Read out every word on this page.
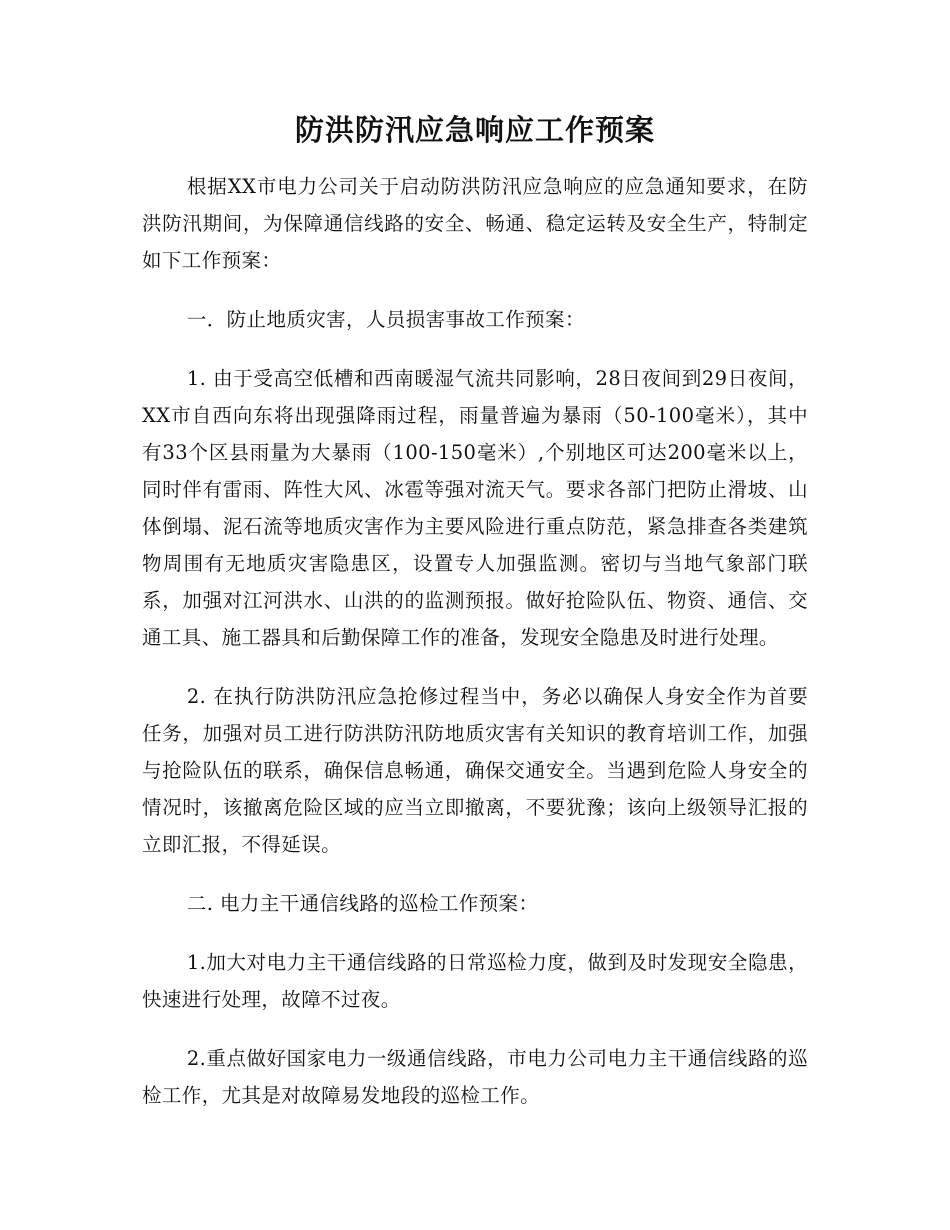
防洪防汛应急响应工作预案

根据XX市电力公司关于启动防洪防汛应急响应的应急通知要求，在防洪防汛期间，为保障通信线路的安全、畅通、稳定运转及安全生产，特制定如下工作预案：

一．防止地质灾害，人员损害事故工作预案：

1. 由于受高空低槽和西南暖湿气流共同影响，28日夜间到29日夜间，XX市自西向东将出现强降雨过程，雨量普遍为暴雨（50-100毫米），其中有33个区县雨量为大暴雨（100-150毫米）,个别地区可达200毫米以上，同时伴有雷雨、阵性大风、冰雹等强对流天气。要求各部门把防止滑坡、山体倒塌、泥石流等地质灾害作为主要风险进行重点防范，紧急排查各类建筑物周围有无地质灾害隐患区，设置专人加强监测。密切与当地气象部门联系，加强对江河洪水、山洪的的监测预报。做好抢险队伍、物资、通信、交通工具、施工器具和后勤保障工作的准备，发现安全隐患及时进行处理。

2. 在执行防洪防汛应急抢修过程当中，务必以确保人身安全作为首要任务，加强对员工进行防洪防汛防地质灾害有关知识的教育培训工作，加强与抢险队伍的联系，确保信息畅通，确保交通安全。当遇到危险人身安全的情况时，该撤离危险区域的应当立即撤离，不要犹豫；该向上级领导汇报的立即汇报，不得延误。

二. 电力主干通信线路的巡检工作预案：

1.加大对电力主干通信线路的日常巡检力度，做到及时发现安全隐患，快速进行处理，故障不过夜。

2.重点做好国家电力一级通信线路，市电力公司电力主干通信线路的巡检工作，尤其是对故障易发地段的巡检工作。
